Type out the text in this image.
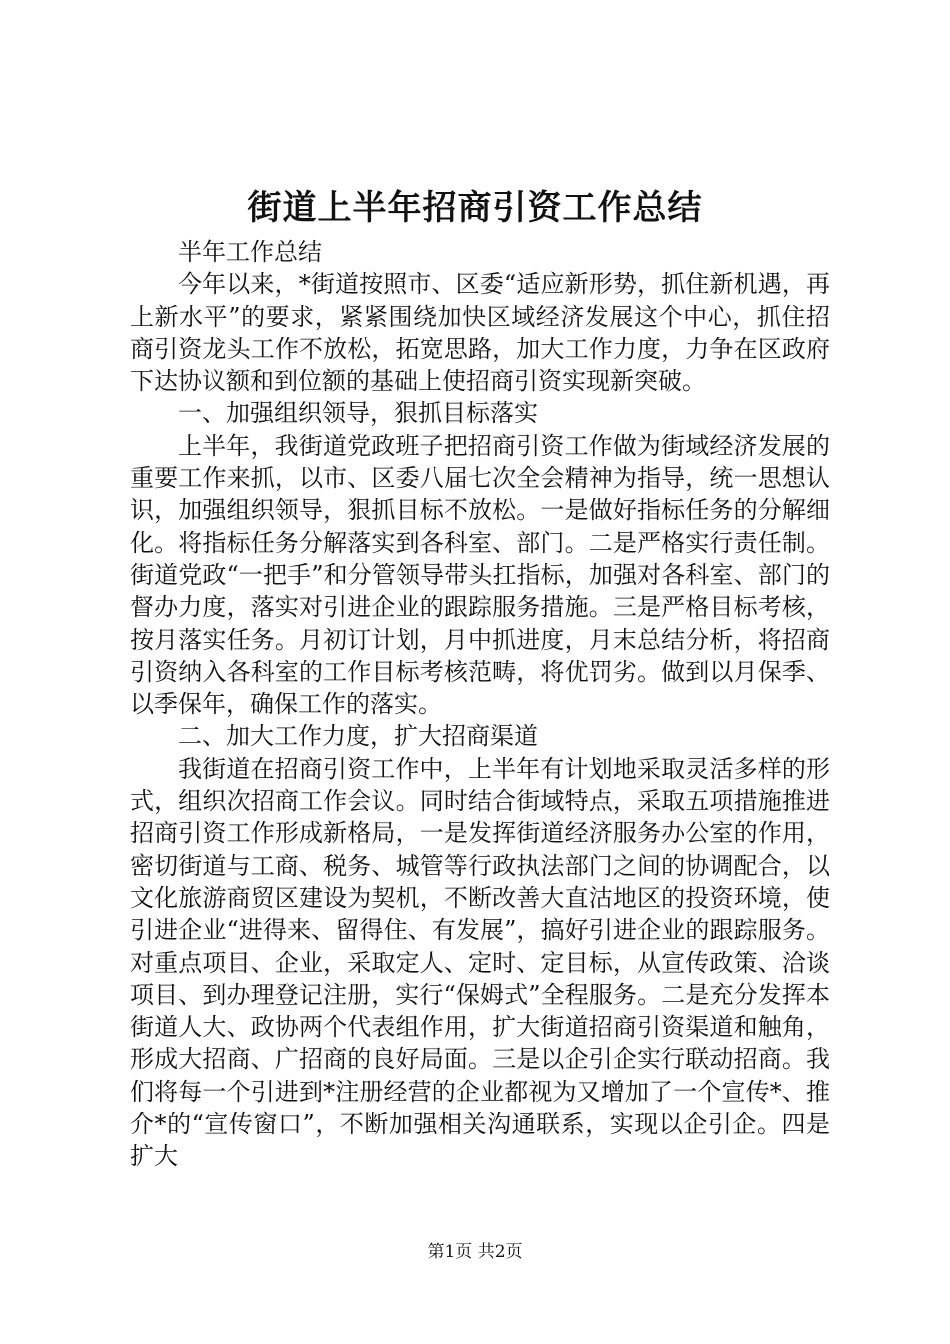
街道上半年招商引资工作总结

半年工作总结

今年以来，*街道按照市、区委“适应新形势，抓住新机遇，再上新水平”的要求，紧紧围绕加快区域经济发展这个中心，抓住招商引资龙头工作不放松，拓宽思路，加大工作力度，力争在区政府下达协议额和到位额的基础上使招商引资实现新突破。

一、加强组织领导，狠抓目标落实

上半年，我街道党政班子把招商引资工作做为街域经济发展的重要工作来抓，以市、区委八届七次全会精神为指导，统一思想认识，加强组织领导，狠抓目标不放松。一是做好指标任务的分解细化。将指标任务分解落实到各科室、部门。二是严格实行责任制。街道党政“一把手”和分管领导带头扛指标，加强对各科室、部门的督办力度，落实对引进企业的跟踪服务措施。三是严格目标考核，按月落实任务。月初订计划，月中抓进度，月末总结分析，将招商引资纳入各科室的工作目标考核范畴，将优罚劣。做到以月保季、以季保年，确保工作的落实。

二、加大工作力度，扩大招商渠道

我街道在招商引资工作中，上半年有计划地采取灵活多样的形式，组织次招商工作会议。同时结合街域特点，采取五项措施推进招商引资工作形成新格局，一是发挥街道经济服务办公室的作用，密切街道与工商、税务、城管等行政执法部门之间的协调配合，以文化旅游商贸区建设为契机，不断改善大直沽地区的投资环境，使引进企业“进得来、留得住、有发展”，搞好引进企业的跟踪服务。对重点项目、企业，采取定人、定时、定目标，从宣传政策、洽谈项目、到办理登记注册，实行“保姆式”全程服务。二是充分发挥本街道人大、政协两个代表组作用，扩大街道招商引资渠道和触角，形成大招商、广招商的良好局面。三是以企引企实行联动招商。我们将每一个引进到*注册经营的企业都视为又增加了一个宣传*、推介*的“宣传窗口”，不断加强相关沟通联系，实现以企引企。四是扩大

第1页 共2页
